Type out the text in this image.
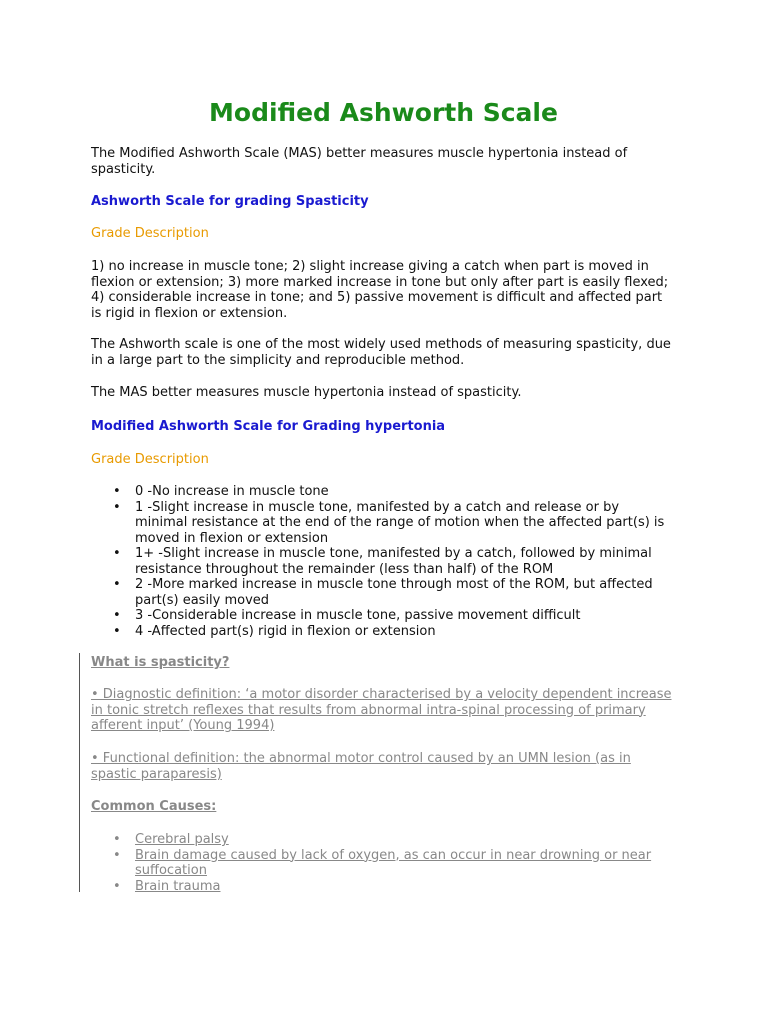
Modified Ashworth Scale

The Modified Ashworth Scale (MAS) better measures muscle hypertonia instead of spasticity.

Ashworth Scale for grading Spasticity

Grade Description

1) no increase in muscle tone; 2) slight increase giving a catch when part is moved in flexion or extension; 3) more marked increase in tone but only after part is easily flexed; 4) considerable increase in tone; and 5) passive movement is difficult and affected part is rigid in flexion or extension.

The Ashworth scale is one of the most widely used methods of measuring spasticity, due in a large part to the simplicity and reproducible method.

The MAS better measures muscle hypertonia instead of spasticity.

Modified Ashworth Scale for Grading hypertonia

Grade Description

• 0 -No increase in muscle tone
• 1 -Slight increase in muscle tone, manifested by a catch and release or by minimal resistance at the end of the range of motion when the affected part(s) is moved in flexion or extension
• 1+ -Slight increase in muscle tone, manifested by a catch, followed by minimal resistance throughout the remainder (less than half) of the ROM
• 2 -More marked increase in muscle tone through most of the ROM, but affected part(s) easily moved
• 3 -Considerable increase in muscle tone, passive movement difficult
• 4 -Affected part(s) rigid in flexion or extension

What is spasticity?

• Diagnostic definition: ‘a motor disorder characterised by a velocity dependent increase in tonic stretch reflexes that results from abnormal intra-spinal processing of primary afferent input’ (Young 1994)

• Functional definition: the abnormal motor control caused by an UMN lesion (as in spastic paraparesis)

Common Causes:

• Cerebral palsy
• Brain damage caused by lack of oxygen, as can occur in near drowning or near suffocation
• Brain trauma
